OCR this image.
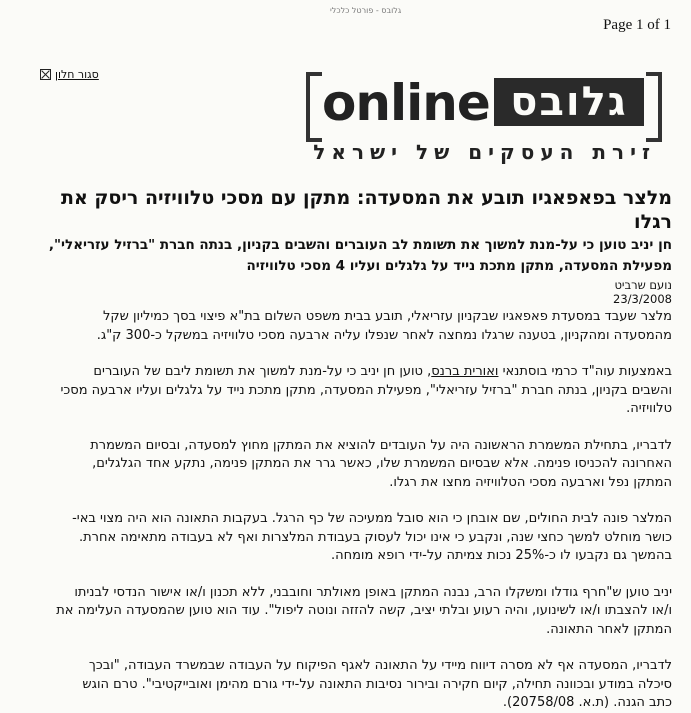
גלובס - פורטל כלכלי
Page 1 of 1
סגור חלון	online גלובס
זירת העסקים של ישראל

מלצר בפאפאגיו תובע את המסעדה: מתקן עם מסכי טלוויזיה ריסק את רגלו

חן יניב טוען כי על-מנת למשוך את תשומת לב העוברים והשבים בקניון, בנתה חברת "ברזיל עזריאלי",

מפעילת המסעדה, מתקן מתכת נייד על גלגלים ועליו 4 מסכי טלוויזיה

נועם שרביט
23/3/2008

מלצר שעבד במסעדת פאפאגיו שבקניון עזריאלי, תובע בבית משפט השלום בת"א פיצוי בסך כמיליון שקל
מהמסעדה ומהקניון, בטענה שרגלו נמחצה לאחר שנפלו עליה ארבעה מסכי טלוויזיה במשקל כ-300 ק"ג.
באמצעות עוה"ד כרמי בוסתנאי ואורית ברנס, טוען חן יניב כי על-מנת למשוך את תשומת ליבם של העוברים
והשבים בקניון, בנתה חברת "ברזיל עזריאלי", מפעילת המסעדה, מתקן מתכת נייד על גלגלים ועליו ארבעה מסכי
טלוויזיה.
לדבריו, בתחילת המשמרת הראשונה היה על העובדים להוציא את המתקן מחוץ למסעדה, ובסיום המשמרת
האחרונה להכניסו פנימה. אלא שבסיום המשמרת שלו, כאשר גרר את המתקן פנימה, נתקע אחד הגלגלים,
המתקן נפל וארבעה מסכי הטלוויזיה מחצו את רגלו.
המלצר פונה לבית החולים, שם אובחן כי הוא סובל ממעיכה של כף הרגל. בעקבות התאונה הוא היה מצוי באי-
כושר מוחלט למשך כחצי שנה, ונקבע כי אינו יכול לעסוק בעבודת המלצרות ואף לא בעבודה מתאימה אחרת.
בהמשך גם נקבעו לו כ-25% נכות צמיתה על-ידי רופא מומחה.
יניב טוען ש"חרף גודלו ומשקלו הרב, נבנה המתקן באופן מאולתר וחובבני, ללא תכנון ו/או אישור הנדסי לבניתו
ו/או להצבתו ו/או לשינועו, והיה רעוע ובלתי יציב, קשה להזזה ונוטה ליפול". עוד הוא טוען שהמסעדה העלימה את
המתקן לאחר התאונה.
לדבריו, המסעדה אף לא מסרה דיווח מיידי על התאונה לאגף הפיקוח על העבודה שבמשרד העבודה, "ובכך
סיכלה במודע ובכוונה תחילה, קיום חקירה ובירור נסיבות התאונה על-ידי גורם מהימן ואובייקטיבי". טרם הוגש
כתב הגנה. (ת.א. 20758/08).
